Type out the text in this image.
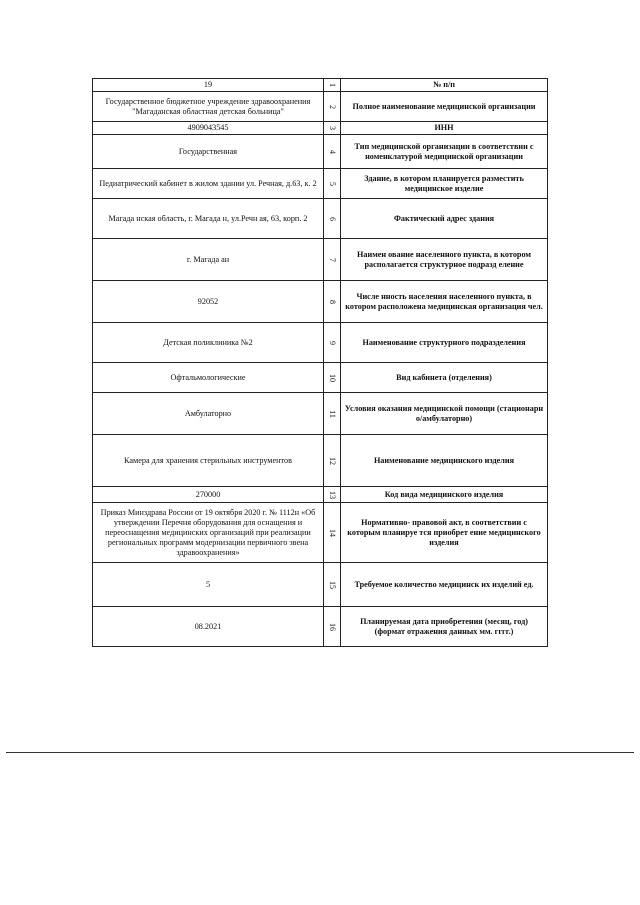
19	1	№ п/п
Государственное бюджетное учреждение здравоохранения "Магаданская областная детская больница"	2	Полное наименование медицинской организации
4909043545	3	ИНН
Государственная	4	Тип медицинской организации в соответствии с номенклатурой медицинской организации
Педиатрический кабинет в жилом здании ул. Речная, д.63, к. 2	5	Здание, в котором планируется разместить медицинское изделие
Магада нская область, г. Магада н, ул.Речн ая, 63, корп. 2	6	Фактический адрес здания
г. Магада ан	7	Наимен ование населенного пункта, в котором располагается структурное подразд еление
92052	8	Числе нность населения населенного пункта, в котором расположена медицинская организация чел.
Детская поликлиника №2	9	Наименование структурного подразделения
Офтальмологические	10	Вид кабинета (отделения)
Амбулаторно	11	Условия оказания медицинской помощи (стационарн о/амбулаторно)
Камера для хранения стерильных инструментов	12	Наименование медицинского изделия
270000	13	Код вида медицинского изделия
Приказ Минздрава России от 19 октября 2020 г. № 1112н «Об утверждении Перечня оборудования для оснащения и переоснащения медицинских организаций при реализации региональных программ модернизации первичного звена здравоохранения»	14	Нормативно- правовой акт, в соответствии с которым планируе тся приобрет ение медицинского изделия
5	15	Требуемое количество медицинск их изделий ед.
08.2021	16	Планируемая дата приобретения (месяц, год) (формат отражения данных мм. гггг.)
